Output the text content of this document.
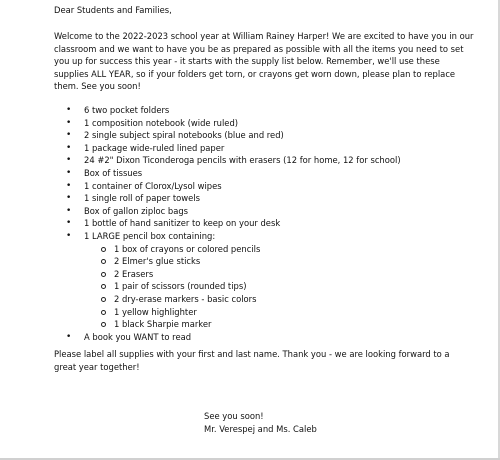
Dear Students and Families,

Welcome to the 2022-2023 school year at William Rainey Harper! We are excited to have you in our classroom and we want to have you be as prepared as possible with all the items you need to set you up for success this year - it starts with the supply list below. Remember, we'll use these supplies ALL YEAR, so if your folders get torn, or crayons get worn down, please plan to replace them. See you soon!

• 6 two pocket folders
• 1 composition notebook (wide ruled)
• 2 single subject spiral notebooks (blue and red)
• 1 package wide-ruled lined paper
• 24 #2" Dixon Ticonderoga pencils with erasers (12 for home, 12 for school)
• Box of tissues
• 1 container of Clorox/Lysol wipes
• 1 single roll of paper towels
• Box of gallon ziploc bags
• 1 bottle of hand sanitizer to keep on your desk
• 1 LARGE pencil box containing:
1 box of crayons or colored pencils
2 Elmer's glue sticks
2 Erasers
1 pair of scissors (rounded tips)
2 dry-erase markers - basic colors
1 yellow highlighter
1 black Sharpie marker
• A book you WANT to read

Please label all supplies with your first and last name. Thank you - we are looking forward to a great year together!

See you soon!
Mr. Verespej and Ms. Caleb
